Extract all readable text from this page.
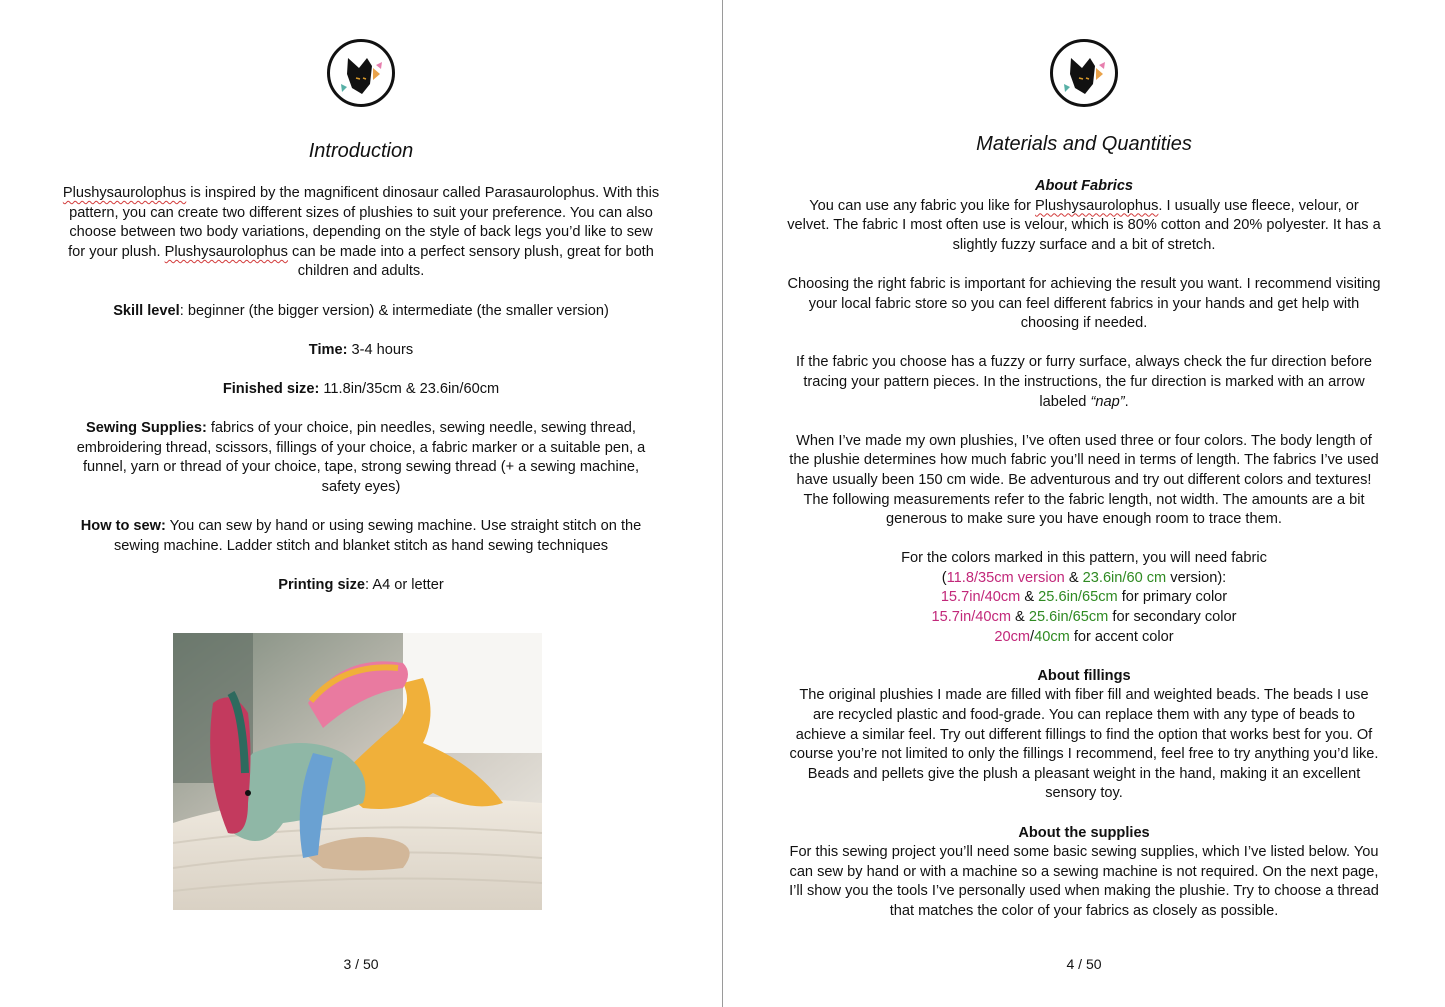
Introduction

Plushysaurolophus is inspired by the magnificent dinosaur called Parasaurolophus. With this pattern, you can create two different sizes of plushies to suit your preference. You can also choose between two body variations, depending on the style of back legs you’d like to sew for your plush. Plushysaurolophus can be made into a perfect sensory plush, great for both children and adults.

Skill level: beginner (the bigger version) & intermediate (the smaller version)

Time: 3-4 hours

Finished size: 11.8in/35cm & 23.6in/60cm

Sewing Supplies: fabrics of your choice, pin needles, sewing needle, sewing thread, embroidering thread, scissors, fillings of your choice, a fabric marker or a suitable pen, a funnel, yarn or thread of your choice, tape, strong sewing thread (+ a sewing machine, safety eyes)

How to sew: You can sew by hand or using sewing machine. Use straight stitch on the sewing machine. Ladder stitch and blanket stitch as hand sewing techniques

Printing size: A4 or letter

3 / 50
Materials and Quantities

About Fabrics

You can use any fabric you like for Plushysaurolophus. I usually use fleece, velour, or velvet. The fabric I most often use is velour, which is 80% cotton and 20% polyester. It has a slightly fuzzy surface and a bit of stretch.

Choosing the right fabric is important for achieving the result you want. I recommend visiting your local fabric store so you can feel different fabrics in your hands and get help with choosing if needed.

If the fabric you choose has a fuzzy or furry surface, always check the fur direction before tracing your pattern pieces. In the instructions, the fur direction is marked with an arrow labeled “nap”.

When I’ve made my own plushies, I’ve often used three or four colors. The body length of the plushie determines how much fabric you’ll need in terms of length. The fabrics I’ve used have usually been 150 cm wide. Be adventurous and try out different colors and textures! The following measurements refer to the fabric length, not width. The amounts are a bit generous to make sure you have enough room to trace them.

For the colors marked in this pattern, you will need fabric

(11.8/35cm version & 23.6in/60 cm version):

15.7in/40cm & 25.6in/65cm for primary color

15.7in/40cm & 25.6in/65cm for secondary color

20cm/40cm for accent color

About fillings

The original plushies I made are filled with fiber fill and weighted beads. The beads I use are recycled plastic and food-grade. You can replace them with any type of beads to achieve a similar feel. Try out different fillings to find the option that works best for you. Of course you’re not limited to only the fillings I recommend, feel free to try anything you’d like. Beads and pellets give the plush a pleasant weight in the hand, making it an excellent sensory toy.

About the supplies

For this sewing project you’ll need some basic sewing supplies, which I’ve listed below. You can sew by hand or with a machine so a sewing machine is not required. On the next page, I’ll show you the tools I’ve personally used when making the plushie. Try to choose a thread that matches the color of your fabrics as closely as possible.

4 / 50
